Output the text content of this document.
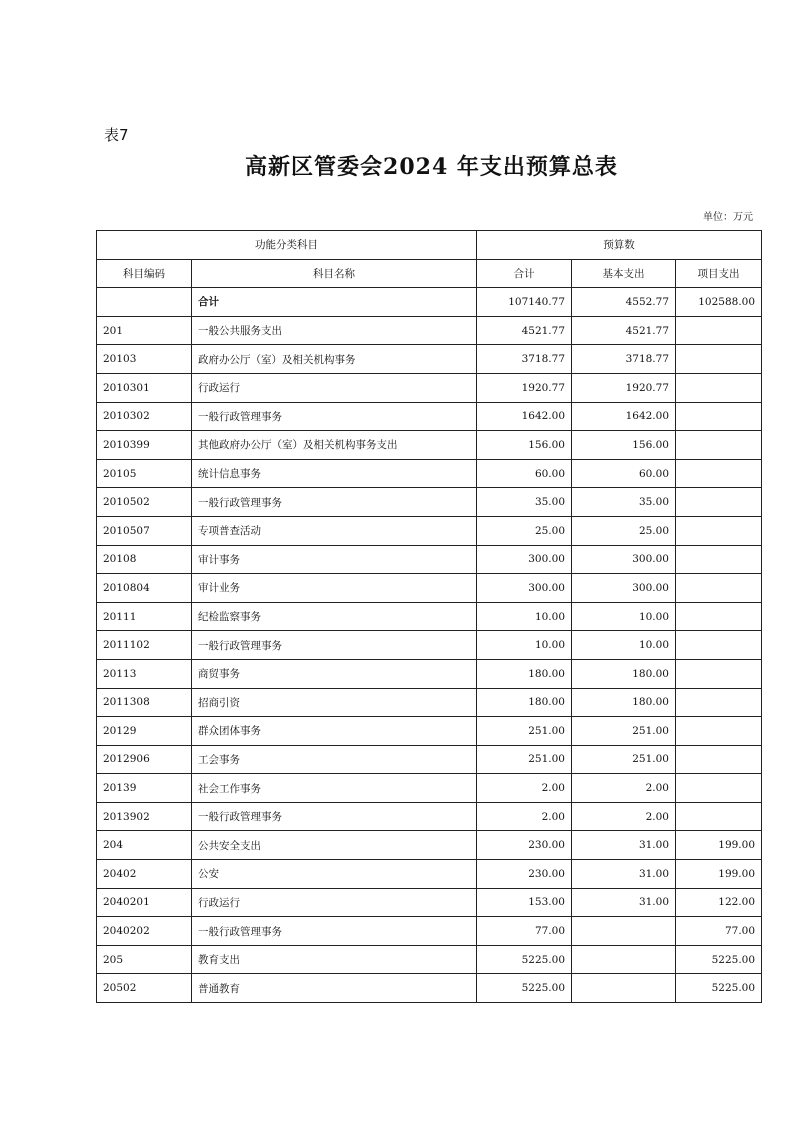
表7
高新区管委会2024 年支出预算总表
单位：万元
功能分类科目		预算数		
科目编码	科目名称	合计	基本支出	项目支出
	合计	107140.77	4552.77	102588.00
201	一般公共服务支出	4521.77	4521.77	
20103	政府办公厅（室）及相关机构事务	3718.77	3718.77	
2010301	行政运行	1920.77	1920.77	
2010302	一般行政管理事务	1642.00	1642.00	
2010399	其他政府办公厅（室）及相关机构事务支出	156.00	156.00	
20105	统计信息事务	60.00	60.00	
2010502	一般行政管理事务	35.00	35.00	
2010507	专项普查活动	25.00	25.00	
20108	审计事务	300.00	300.00	
2010804	审计业务	300.00	300.00	
20111	纪检监察事务	10.00	10.00	
2011102	一般行政管理事务	10.00	10.00	
20113	商贸事务	180.00	180.00	
2011308	招商引资	180.00	180.00	
20129	群众团体事务	251.00	251.00	
2012906	工会事务	251.00	251.00	
20139	社会工作事务	2.00	2.00	
2013902	一般行政管理事务	2.00	2.00	
204	公共安全支出	230.00	31.00	199.00
20402	公安	230.00	31.00	199.00
2040201	行政运行	153.00	31.00	122.00
2040202	一般行政管理事务	77.00		77.00
205	教育支出	5225.00		5225.00
20502	普通教育	5225.00		5225.00
